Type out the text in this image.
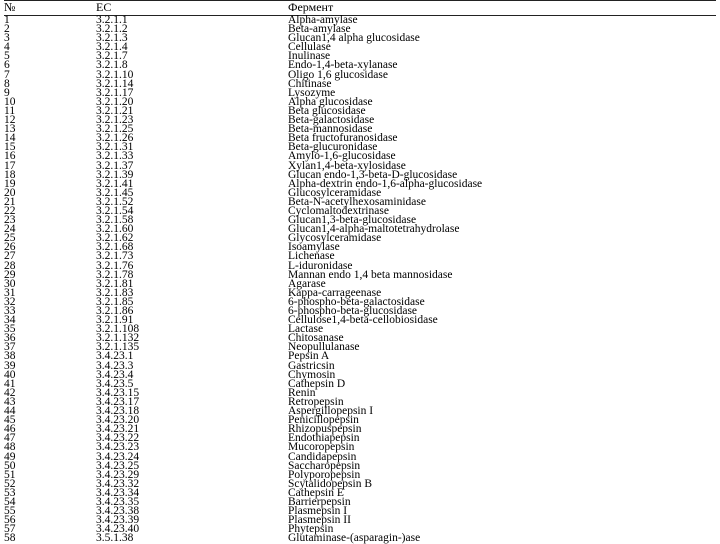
№	EC	Фермент
1	3.2.1.1	Alpha-amylase
2	3.2.1.2	Beta-amylase
3	3.2.1.3	Glucan1,4 alpha glucosidase
4	3.2.1.4	Cellulase
5	3.2.1.7	Inulinase
6	3.2.1.8	Endo-1,4-beta-xylanase
7	3.2.1.10	Oligo 1,6 glucosidase
8	3.2.1.14	Chitinase
9	3.2.1.17	Lysozyme
10	3.2.1.20	Alpha glucosidase
11	3.2.1.21	Beta glucosidase
12	3.2.1.23	Beta-galactosidase
13	3.2.1.25	Beta-mannosidase
14	3.2.1.26	Beta fructofuranosidase
15	3.2.1.31	Beta-glucuronidase
16	3.2.1.33	Amylo-1,6-glucosidase
17	3.2.1.37	Xylan1,4-beta-xylosidase
18	3.2.1.39	Glucan endo-1,3-beta-D-glucosidase
19	3.2.1.41	Alpha-dextrin endo-1,6-alpha-glucosidase
20	3.2.1.45	Glucosylceramidase
21	3.2.1.52	Beta-N-acetylhexosaminidase
22	3.2.1.54	Cyclomaltodextrinase
23	3.2.1.58	Glucan1,3-beta-glucosidase
24	3.2.1.60	Glucan1,4-alpha-maltotetrahydrolase
25	3.2.1.62	Glycosylceramidase
26	3.2.1.68	Isoamylase
27	3.2.1.73	Lichenase
28	3.2.1.76	L-iduronidase
29	3.2.1.78	Mannan endo 1,4 beta mannosidase
30	3.2.1.81	Agarase
31	3.2.1.83	Kappa-carrageenase
32	3.2.1.85	6-phospho-beta-galactosidase
33	3.2.1.86	6-phospho-beta-glucosidase
34	3.2.1.91	Cellulose1,4-beta-cellobiosidase
35	3.2.1.108	Lactase
36	3.2.1.132	Chitosanase
37	3.2.1.135	Neopullulanase
38	3.4.23.1	Pepsin A
39	3.4.23.3	Gastricsin
40	3.4.23.4	Chymosin
41	3.4.23.5	Cathepsin D
42	3.4.23.15	Renin
43	3.4.23.17	Retropepsin
44	3.4.23.18	Aspergillopepsin I
45	3.4.23.20	Penicillopepsin
46	3.4.23.21	Rhizopuspepsin
47	3.4.23.22	Endothiapepsin
48	3.4.23.23	Mucoropepsin
49	3.4.23.24	Candidapepsin
50	3.4.23.25	Saccharopepsin
51	3.4.23.29	Polyporopepsin
52	3.4.23.32	Scytalidopepsin B
53	3.4.23.34	Cathepsin E
54	3.4.23.35	Barrierpepsin
55	3.4.23.38	Plasmepsin I
56	3.4.23.39	Plasmepsin II
57	3.4.23.40	Phytepsin
58	3.5.1.38	Glutaminase-(asparagin-)ase
